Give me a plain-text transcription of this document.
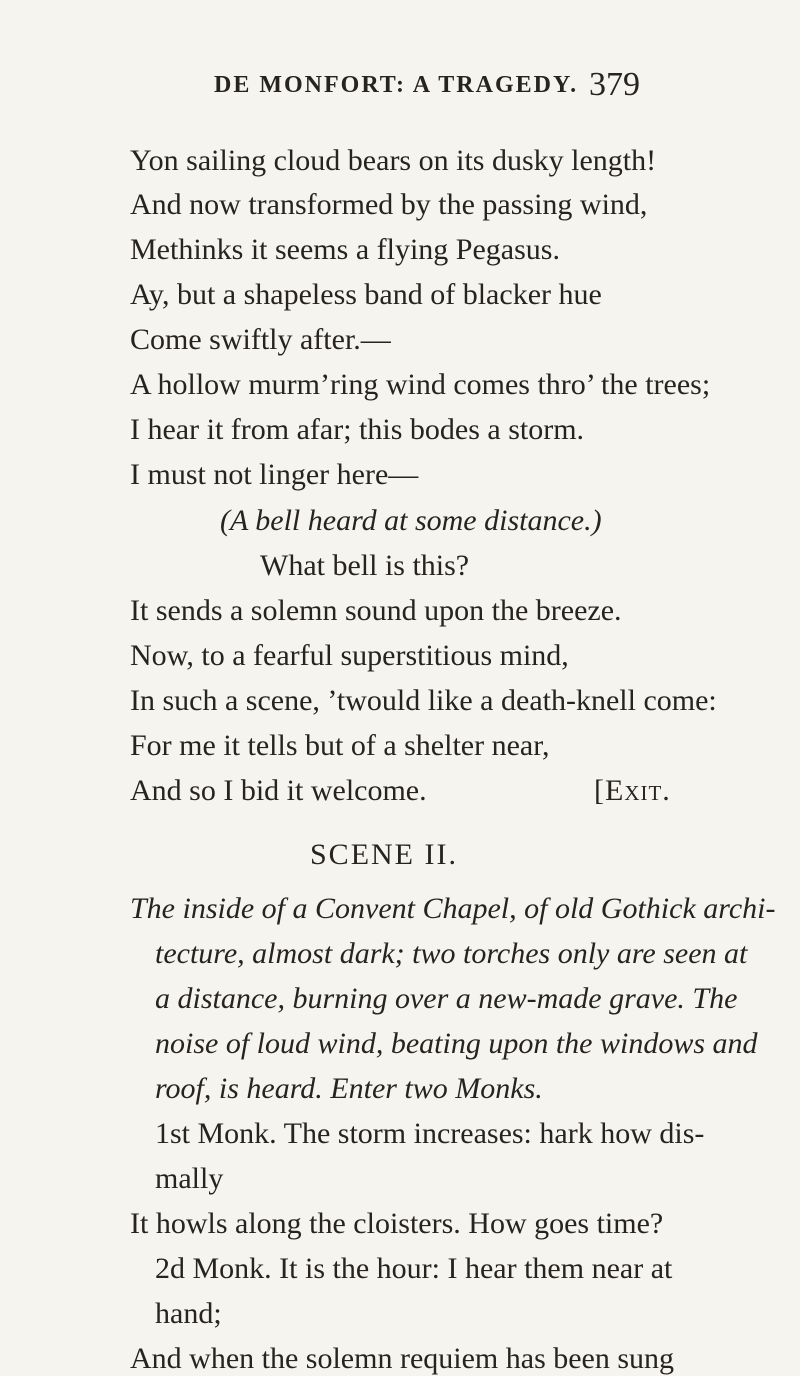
DE MONFORT: A TRAGEDY. 379
Yon sailing cloud bears on its dusky length!
And now transformed by the passing wind,
Methinks it seems a flying Pegasus.
Ay, but a shapeless band of blacker hue
Come swiftly after.—
A hollow murm’ring wind comes thro’ the trees;
I hear it from afar; this bodes a storm.
I must not linger here—
(A bell heard at some distance.)
What bell is this?
It sends a solemn sound upon the breeze.
Now, to a fearful superstitious mind,
In such a scene, ’twould like a death-knell come:
For me it tells but of a shelter near,
And so I bid it welcome.	[Exit.
SCENE II.
The inside of a Convent Chapel, of old Gothick archi-
tecture, almost dark; two torches only are seen at
a distance, burning over a new-made grave. The
noise of loud wind, beating upon the windows and
roof, is heard. Enter two Monks.
1st Monk. The storm increases: hark how dis-
mally
It howls along the cloisters. How goes time?
2d Monk. It is the hour: I hear them near at
hand;
And when the solemn requiem has been sung
